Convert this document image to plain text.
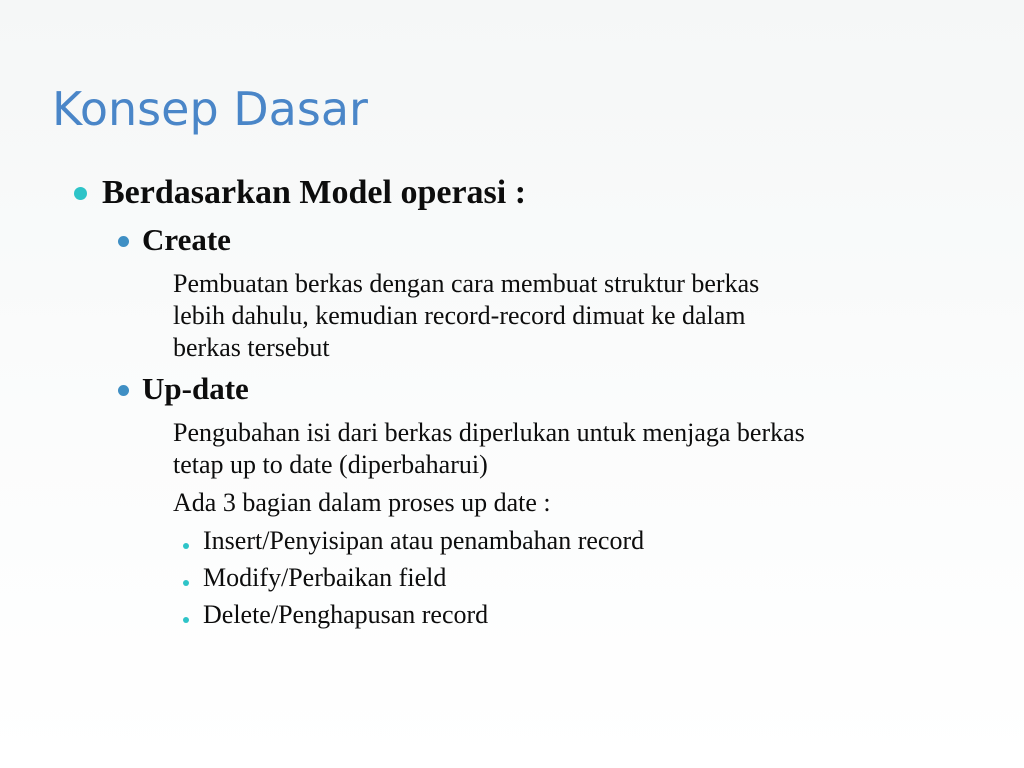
Konsep Dasar
Berdasarkan Model operasi :
Create
Pembuatan berkas dengan cara membuat struktur berkas
lebih dahulu, kemudian record-record dimuat ke dalam
berkas tersebut
Up-date
Pengubahan isi dari berkas diperlukan untuk menjaga berkas
tetap up to date (diperbaharui)
Ada 3 bagian dalam proses up date :
Insert/Penyisipan atau penambahan record
Modify/Perbaikan field
Delete/Penghapusan record
